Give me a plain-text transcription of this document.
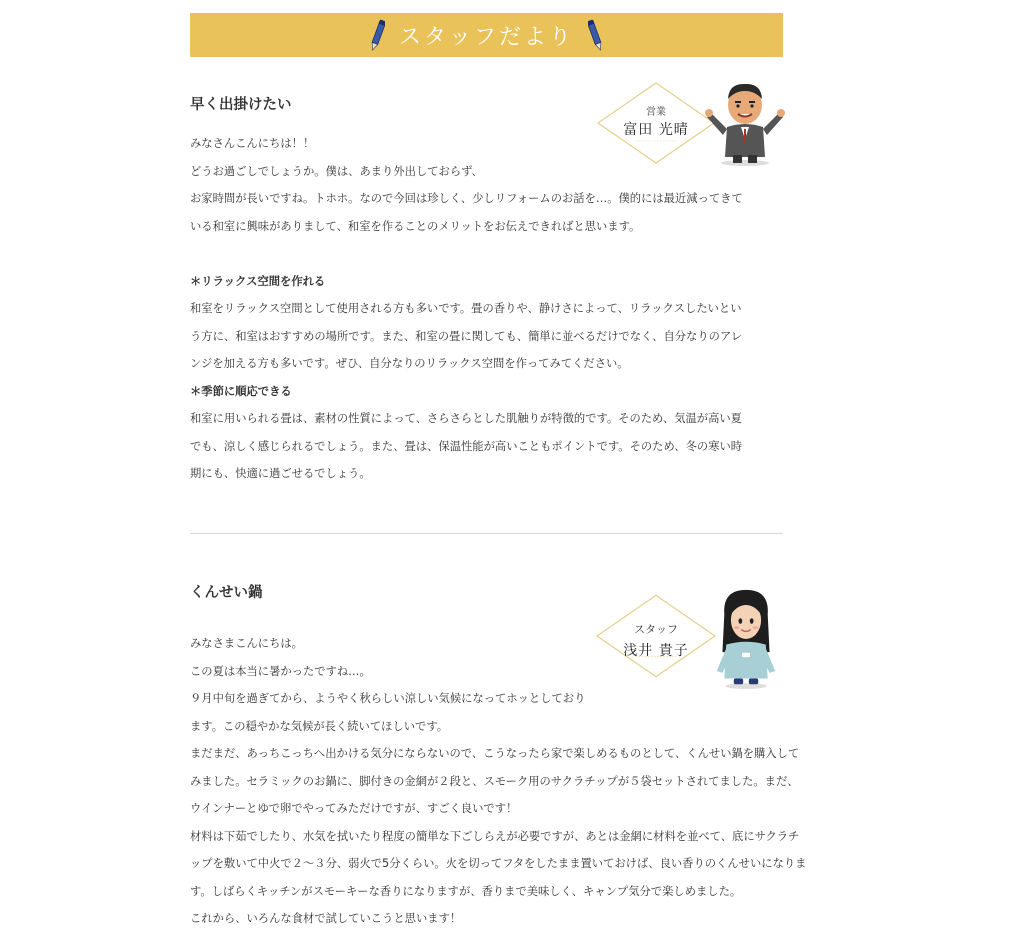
スタッフだより
早く出掛けたい	営業
富田 光晴

みなさんこんにちは！！

どうお過ごしでしょうか。僕は、あまり外出しておらず、

お家時間が長いですね。トホホ。なので今回は珍しく、少しリフォームのお話を…。僕的には最近減ってきて

いる和室に興味がありまして、和室を作ることのメリットをお伝えできればと思います。

＊リラックス空間を作れる

和室をリラックス空間として使用される方も多いです。畳の香りや、静けさによって、リラックスしたいとい

う方に、和室はおすすめの場所です。また、和室の畳に関しても、簡単に並べるだけでなく、自分なりのアレ

ンジを加える方も多いです。ぜひ、自分なりのリラックス空間を作ってみてください。

＊季節に順応できる

和室に用いられる畳は、素材の性質によって、さらさらとした肌触りが特徴的です。そのため、気温が高い夏

でも、涼しく感じられるでしょう。また、畳は、保温性能が高いこともポイントです。そのため、冬の寒い時

期にも、快適に過ごせるでしょう。

くんせい鍋
スタッフ
浅井 貴子

みなさまこんにちは。

この夏は本当に暑かったですね…。

９月中旬を過ぎてから、ようやく秋らしい涼しい気候になってホッとしており

ます。この穏やかな気候が長く続いてほしいです。

まだまだ、あっちこっちへ出かける気分にならないので、こうなったら家で楽しめるものとして、くんせい鍋を購入して

みました。セラミックのお鍋に、脚付きの金網が２段と、スモーク用のサクラチップが５袋セットされてました。まだ、

ウインナーとゆで卵でやってみただけですが、すごく良いです！

材料は下茹でしたり、水気を拭いたり程度の簡単な下ごしらえが必要ですが、あとは金網に材料を並べて、底にサクラチ

ップを敷いて中火で２～３分、弱火で5分くらい。火を切ってフタをしたまま置いておけば、良い香りのくんせいになりま

す。しばらくキッチンがスモーキーな香りになりますが、香りまで美味しく、キャンプ気分で楽しめました。

これから、いろんな食材で試していこうと思います！
